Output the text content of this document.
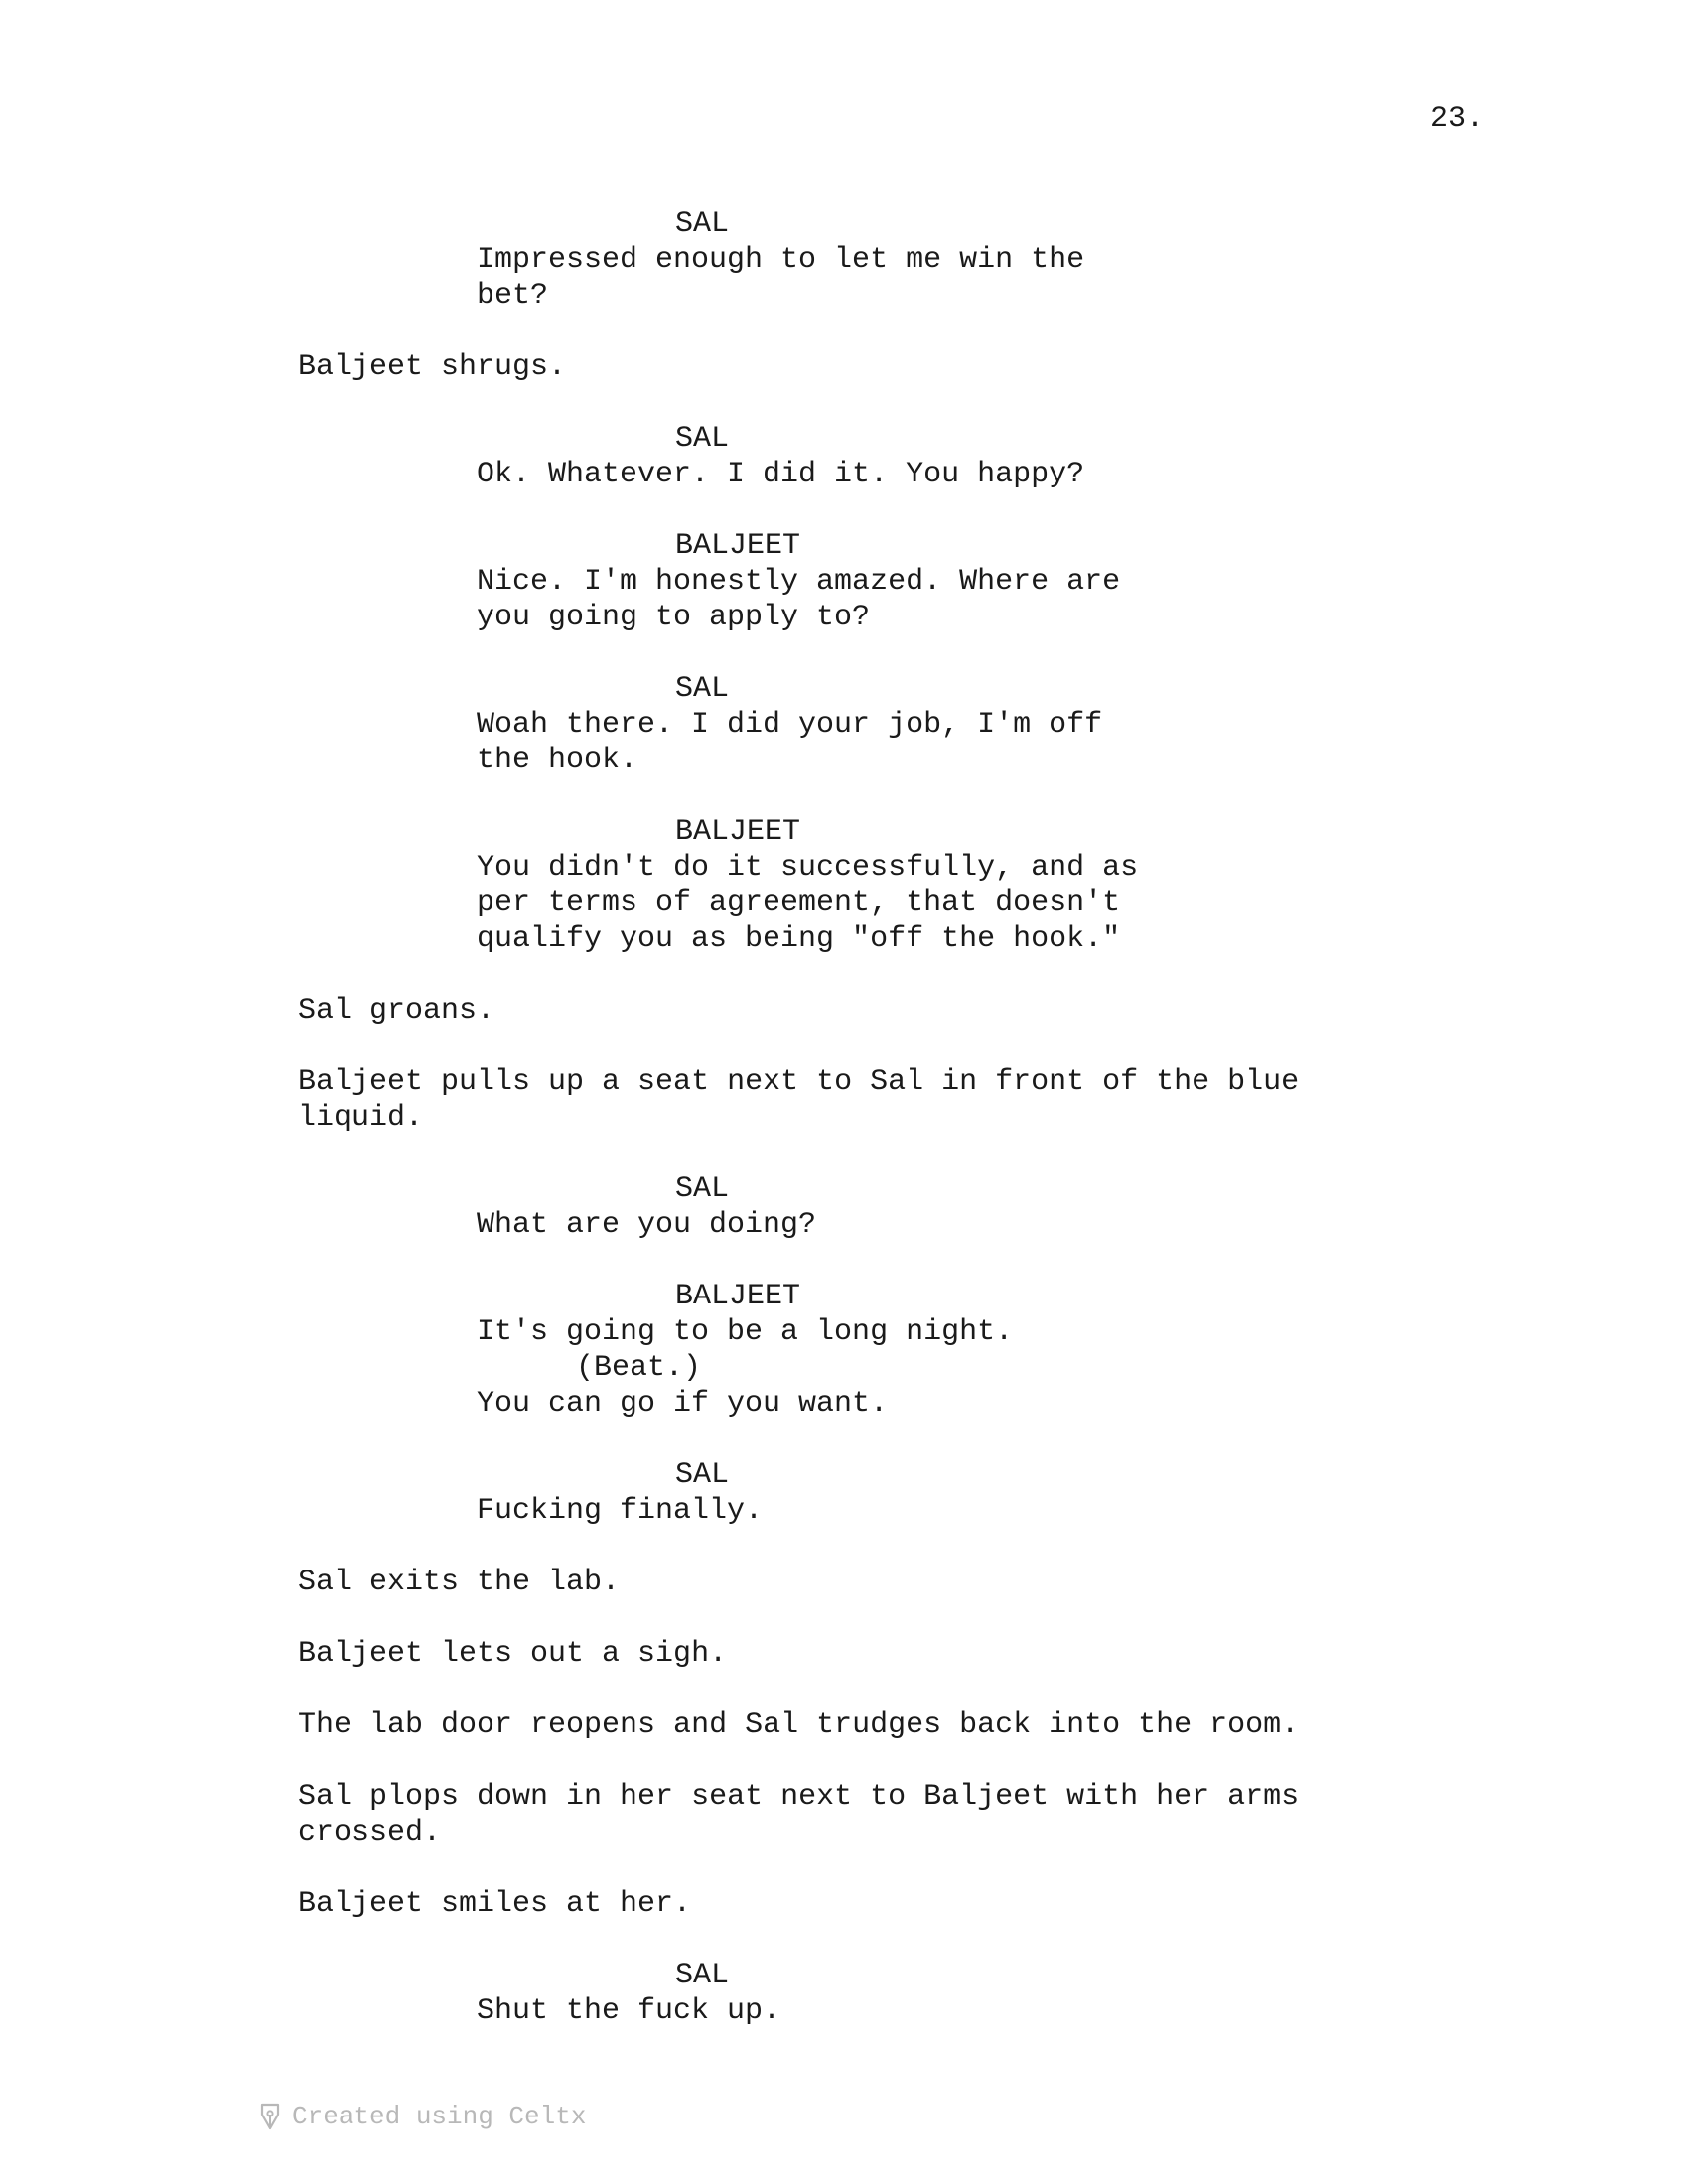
23.
SAL
Impressed enough to let me win the
bet?
Baljeet shrugs.
SAL
Ok. Whatever. I did it. You happy?
BALJEET
Nice. I'm honestly amazed. Where are
you going to apply to?
SAL
Woah there. I did your job, I'm off
the hook.
BALJEET
You didn't do it successfully, and as
per terms of agreement, that doesn't
qualify you as being "off the hook."
Sal groans.
Baljeet pulls up a seat next to Sal in front of the blue
liquid.
SAL
What are you doing?
BALJEET
It's going to be a long night.
(Beat.)
You can go if you want.
SAL
Fucking finally.
Sal exits the lab.
Baljeet lets out a sigh.
The lab door reopens and Sal trudges back into the room.
Sal plops down in her seat next to Baljeet with her arms
crossed.
Baljeet smiles at her.
SAL
Shut the fuck up.
Created using Celtx
